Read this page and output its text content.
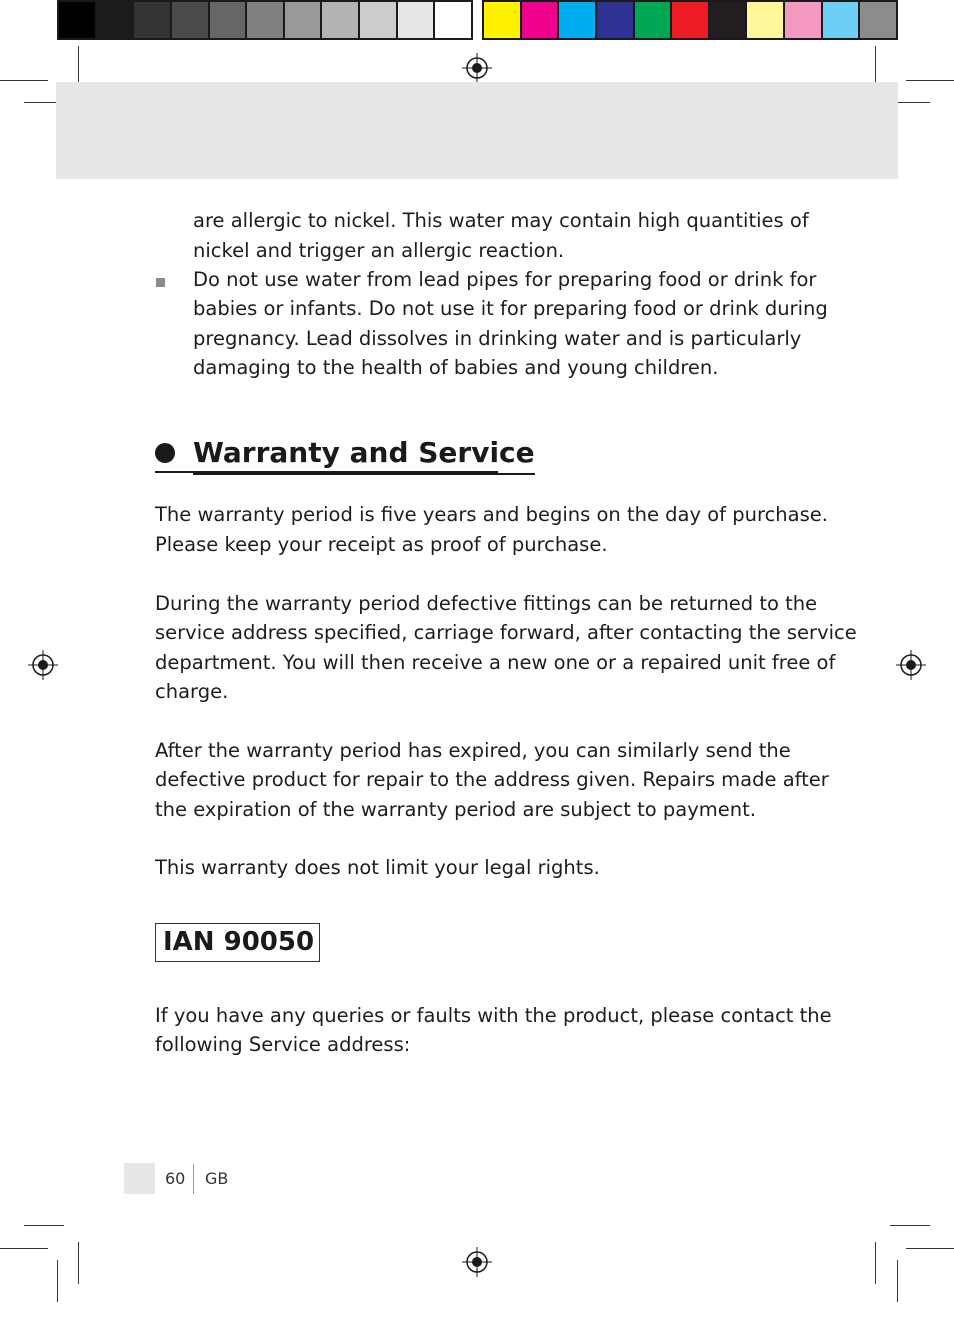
are allergic to nickel. This water may contain high quantities of
nickel and trigger an allergic reaction.
Do not use water from lead pipes for preparing food or drink for
babies or infants. Do not use it for preparing food or drink during
pregnancy. Lead dissolves in drinking water and is particularly
damaging to the health of babies and young children.
Warranty and Service
The warranty period is five years and begins on the day of purchase.
Please keep your receipt as proof of purchase.
During the warranty period defective fittings can be returned to the
service address specified, carriage forward, after contacting the service
department. You will then receive a new one or a repaired unit free of
charge.
After the warranty period has expired, you can similarly send the
defective product for repair to the address given. Repairs made after
the expiration of the warranty period are subject to payment.
This warranty does not limit your legal rights.
IAN 90050
If you have any queries or faults with the product, please contact the
following Service address:
60 GB
